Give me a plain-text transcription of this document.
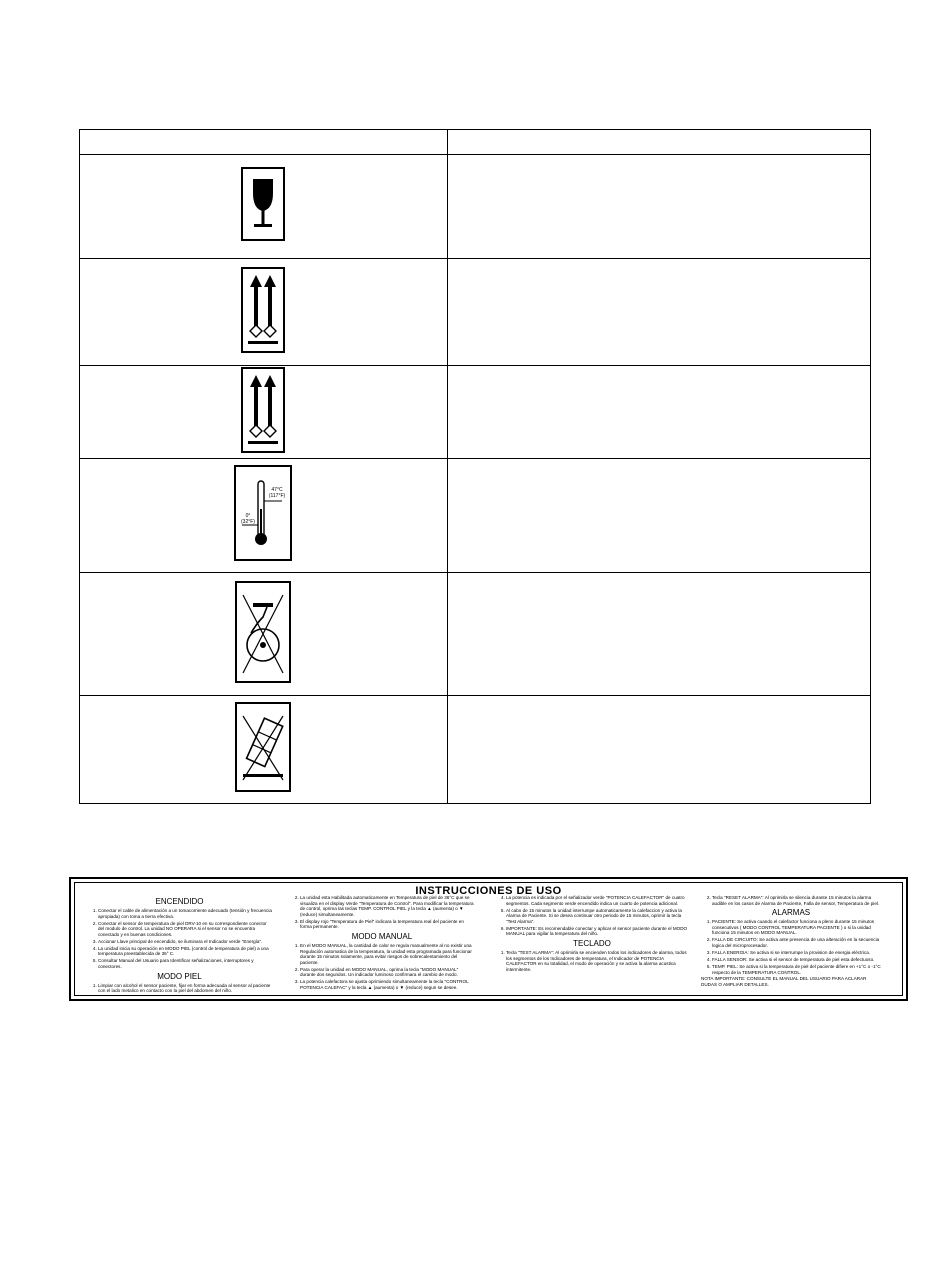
47°C
(117°F)
0°
(32°F)	

INSTRUCCIONES DE USO
ENCENDIDO
1. Conectar el cable de alimentación a un tomacorriente adecuado (tensión y frecuencia apropiada) con toma a tierra efectiva.
2. Conectar el sensor de temperatura de piel DRV-10 en su correspondiente conector del modulo de control. La unidad NO OPERARA si el sensor no se encuentra conectado y en buenas condiciones.
3. Accionar Llave principal de encendido, se iluminara el Indicador verde "Energía".
4. La unidad inicia su operación en MODO PIEL (control de temperatura de piel) a una temperatura preestablecida de 36° C.
5. Consultar Manual del Usuario para Identificar señalizaciones, interruptores y conectores.
MODO PIEL
1. Limpiar con alcohol el sensor paciente, fijar en forma adecuada al sensor al paciente con el lado metalico en contacto con la piel del abdomen del niño.
2. La unidad esta Habilitada automaticamente en Temperatura de piel de 36°C que se visualiza en el display Verde "Temperatura de Control". Para modificar la temperatura de control, oprima las teclas TEMP. CONTROL PIEL y la tecla ▲ (aumenta) o ▼ (reduce) simultaneamente.
3. El display rojo "Temperatura de Piel" indicara la temperatura real del paciente en forma permanente.
MODO MANUAL
1. En el MODO MANUAL, la cantidad de calor se regula manualmente al no existir una Regulación automatica de la temperatura, la unidad esta programada para funcionar durante 15 minutos solamente, para evitar riesgos de sobrecalentamiento del paciente.
2. Para operar la unidad en MODO MANUAL, oprima la tecla "MODO MANUAL" durante dos segundos. Un indicador luminoso confirmara el cambio de modo.
3. La potencia calefactora se ajusta oprimiendo simultaneamente la tecla "CONTROL POTENCIA CALEFAC" y la tecla ▲ (aumenta) o ▼ (reduce) segun se desee.
4. La potencia es indicada por el señalizador verde "POTENCIA CALEFACTOR" de cuatro segmentos. Cada segmento verde encendido indica un cuarto de potencia adicional.
5. Al cabo de 15 minutos la unidad interrumpe automaticamente la calefaccion y activa la Alarma de Paciente. Si se desea continuar otro periodo de 15 minutos, oprimir la tecla "Test Alarma".
6. IMPORTANTE: Es recomendable conectar y aplicar el sensor paciente durante el MODO MANUAL para vigilar la temperatura del niño.
TECLADO
1. Tecla "TEST ALARMA": Al oprimirla se encienden todos los indicadores de alarma, todos los segmentos de los Indicadores de temperatura, el Indicador de POTENCIA CALEFACTOR en su totalidad, el modo de operación y se activa la alarma acustica intermitente.
2. Tecla "RESET ALARMA": Al oprimirla se silencia durante 15 minutos la alarma audible en los casos de Alarma de Paciente, Falla de sensor, Temperatura de piel.
ALARMAS
1. PACIENTE: Se activa cuando el calefactor funciona a pleno durante 15 minutos consecutivos ( MODO CONTROL TEMPERATURA PACIENTE ) o si la unidad funciona 15 minutos en MODO MANUAL.
2. FALLA DE CIRCUITO: Se activa ante presencia de una alteración en la secuencia logica del microprocesador.
3. FALLA ENERGIA: Se activa si se interrumpe la provision de energia eléctrica.
4. FALLA SENSOR: Se activa si el sensor de temperatura de piel esta defectuoso.
5. TEMP. PIEL: Se activa si la temperatura de piel del paciente difiere en +1°C o -1°C respecto de la TEMPERATURA CONTROL.

NOTA IMPORTANTE: CONSULTE EL MANUAL DEL USUARIO PARA ACLARAR DUDAS O AMPLIAR DETALLES.
